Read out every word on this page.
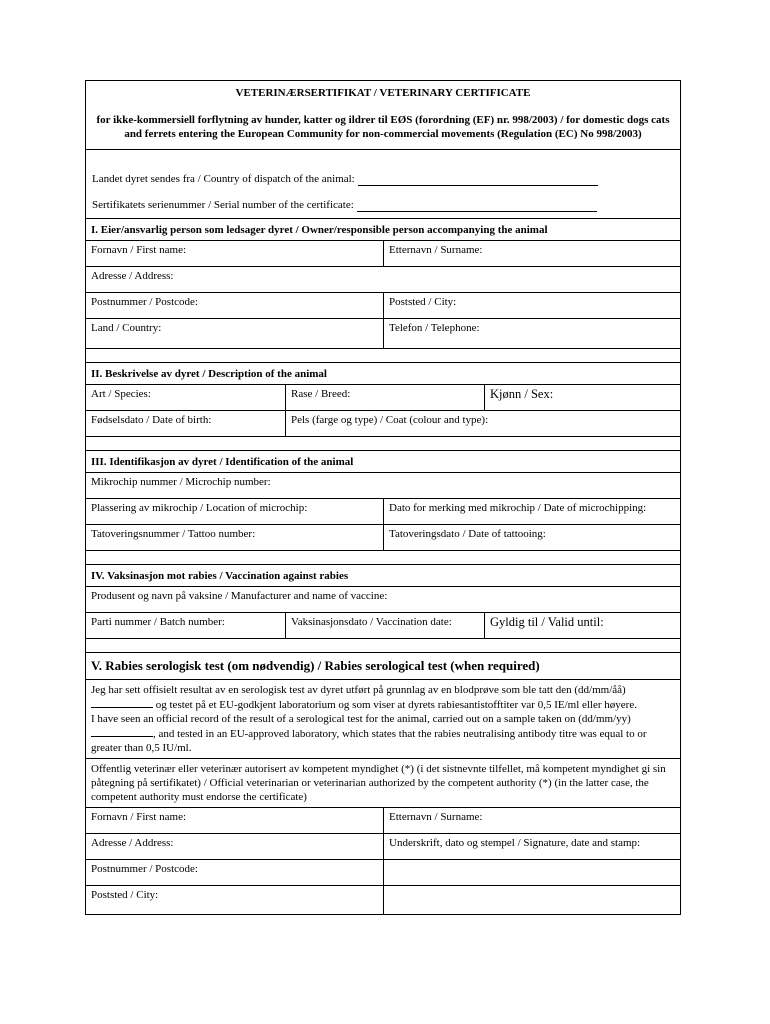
VETERINÆRSERTIFIKAT / VETERINARY CERTIFICATE

for ikke-kommersiell forflytning av hunder, katter og ildrer til EØS (forordning (EF) nr. 998/2003) / for domestic dogs cats and ferrets entering the European Community for non-commercial movements (Regulation (EC) No 998/2003)

Landet dyret sendes fra / Country of dispatch of the animal:
Sertifikatets serienummer / Serial number of the certificate:
I. Eier/ansvarlig person som ledsager dyret / Owner/responsible person accompanying the animal
Fornavn / First name:	Etternavn / Surname:
Adresse / Address:
Postnummer / Postcode:	Poststed / City:
Land / Country:	Telefon / Telephone:
II. Beskrivelse av dyret / Description of the animal
Art / Species:	Rase / Breed:	Kjønn / Sex:
Fødselsdato / Date of birth:	Pels (farge og type) / Coat (colour and type):
III. Identifikasjon av dyret / Identification of the animal
Mikrochip nummer / Microchip number:
Plassering av mikrochip / Location of microchip:	Dato for merking med mikrochip / Date of microchipping:
Tatoveringsnummer / Tattoo number:	Tatoveringsdato / Date of tattooing:
IV. Vaksinasjon mot rabies / Vaccination against rabies
Produsent og navn på vaksine / Manufacturer and name of vaccine:
Parti nummer / Batch number:	Vaksinasjonsdato / Vaccination date:	Gyldig til / Valid until:
V. Rabies serologisk test (om nødvendig) / Rabies serological test (when required)
Jeg har sett offisielt resultat av en serologisk test av dyret utført på grunnlag av en blodprøve som ble tatt den (dd/mm/åå)
og testet på et EU-godkjent laboratorium og som viser at dyrets rabiesantistofftiter var 0,5 IE/ml eller høyere.
I have seen an official record of the result of a serological test for the animal, carried out on a sample taken on (dd/mm/yy)
, and tested in an EU-approved laboratory, which states that the rabies neutralising antibody titre was equal to or greater than 0,5 IU/ml.
Offentlig veterinær eller veterinær autorisert av kompetent myndighet (*) (i det sistnevnte tilfellet, må kompetent myndighet gi sin påtegning på sertifikatet) / Official veterinarian or veterinarian authorized by the competent authority (*) (in the latter case, the competent authority must endorse the certificate)
Fornavn / First name:	Etternavn / Surname:
Adresse / Address:	Underskrift, dato og stempel / Signature, date and stamp:
Postnummer / Postcode:
Poststed / City:
